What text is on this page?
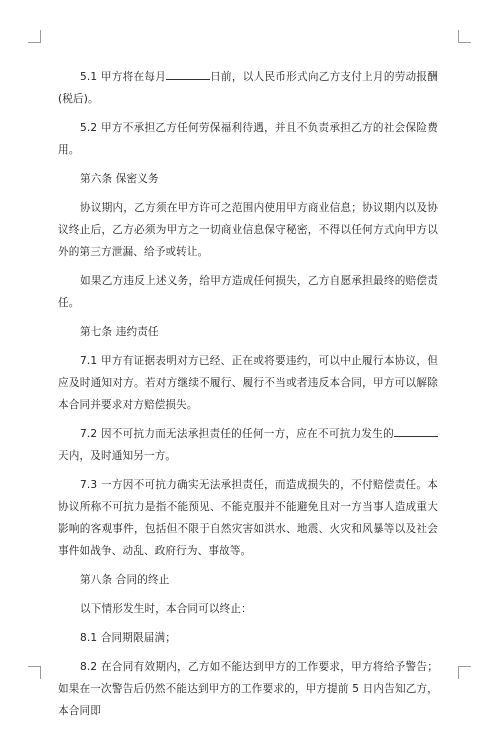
5.1 甲方将在每月	日前，以人民币形式向乙方支付上月的劳动报酬(税后)。

5.2 甲方不承担乙方任何劳保福利待遇，并且不负责承担乙方的社会保险费用。

第六条 保密义务

协议期内，乙方须在甲方许可之范围内使用甲方商业信息；协议期内以及协议终止后，乙方必须为甲方之一切商业信息保守秘密，不得以任何方式向甲方以外的第三方泄漏、给予或转让。

如果乙方违反上述义务，给甲方造成任何损失，乙方自愿承担最终的赔偿责任。

第七条 违约责任

7.1 甲方有证据表明对方已经、正在或将要违约，可以中止履行本协议，但应及时通知对方。若对方继续不履行、履行不当或者违反本合同，甲方可以解除本合同并要求对方赔偿损失。

7.2 因不可抗力而无法承担责任的任何一方，应在不可抗力发生的天内，及时通知另一方。

7.3 一方因不可抗力确实无法承担责任，而造成损失的，不付赔偿责任。本协议所称不可抗力是指不能预见、不能克服并不能避免且对一方当事人造成重大影响的客观事件，包括但不限于自然灾害如洪水、地震、火灾和风暴等以及社会事件如战争、动乱、政府行为、事故等。

第八条 合同的终止

以下情形发生时，本合同可以终止：

8.1 合同期限届满；

8.2 在合同有效期内，乙方如不能达到甲方的工作要求，甲方将给予警告；如果在一次警告后仍然不能达到甲方的工作要求的，甲方提前 5 日内告知乙方，本合同即
